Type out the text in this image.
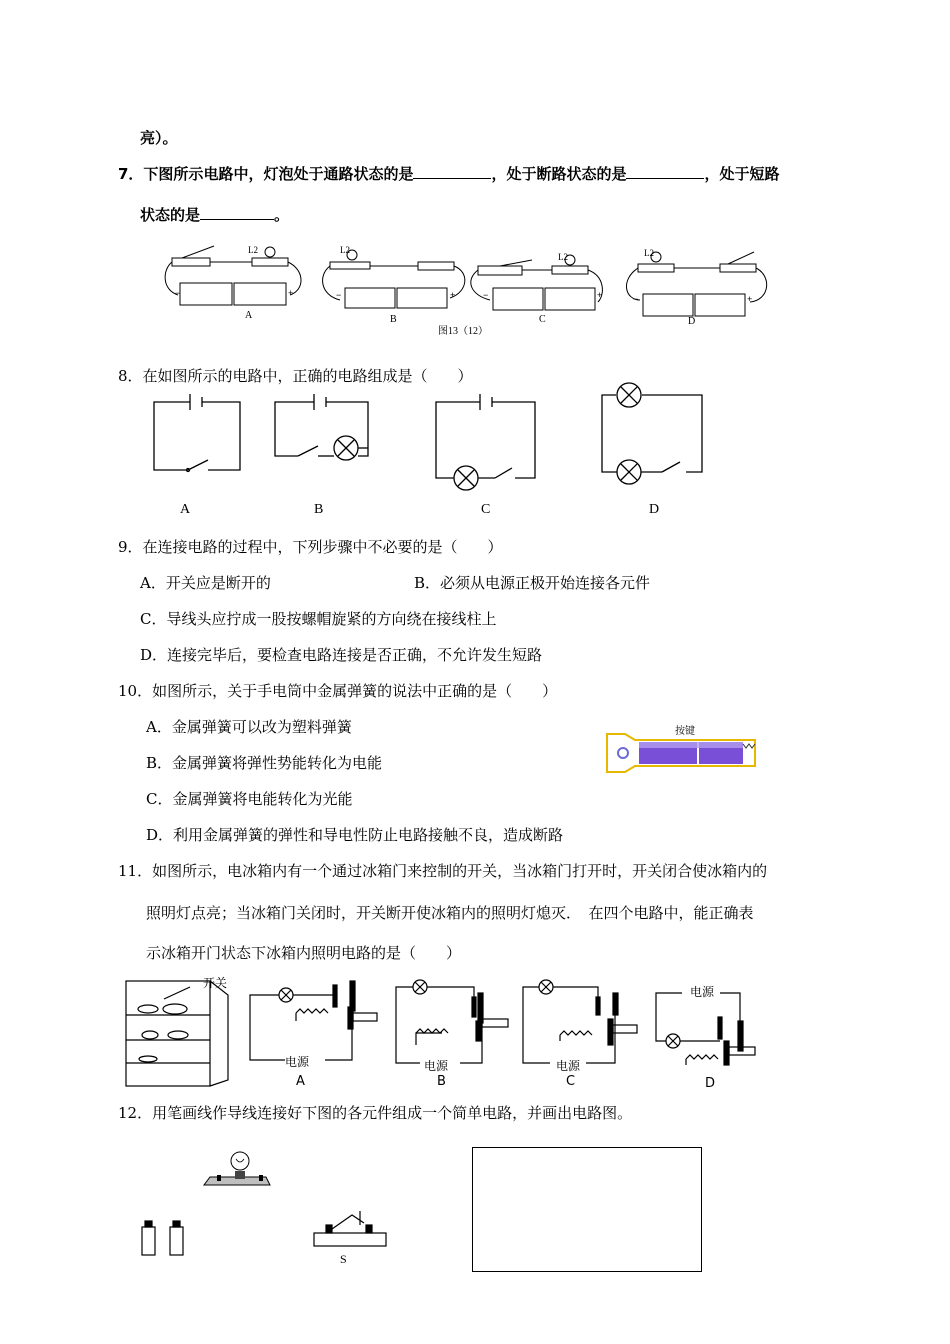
亮）。
7．下图所示电路中，灯泡处于通路状态的是	，处于断路状态的是	，处于短路
状态的是	。
−	+	−	+	−	+	−	+
A	B	C	D
L2	L2
L2	L2
图13（12）
8．在如图所示的电路中，正确的电路组成是（　　）
A	B	C	D
9．在连接电路的过程中，下列步骤中不必要的是（　　）
A．开关应是断开的	B．必须从电源正极开始连接各元件
C．导线头应拧成一股按螺帽旋紧的方向绕在接线柱上
D．连接完毕后，要检查电路连接是否正确，不允许发生短路
10．如图所示，关于手电筒中金属弹簧的说法中正确的是（　　）
A．金属弹簧可以改为塑料弹簧
B．金属弹簧将弹性势能转化为电能
C．金属弹簧将电能转化为光能
D．利用金属弹簧的弹性和导电性防止电路接触不良，造成断路
按键
11．如图所示，电冰箱内有一个通过冰箱门来控制的开关，当冰箱门打开时，开关闭合使冰箱内的
照明灯点亮；当冰箱门关闭时，开关断开使冰箱内的照明灯熄灭．　在四个电路中，能正确表
示冰箱开门状态下冰箱内照明电路的是（　　）
开关
电源	电源	电源
电源
A	B	C	D
12．用笔画线作导线连接好下图的各元件组成一个简单电路，并画出电路图。
S
